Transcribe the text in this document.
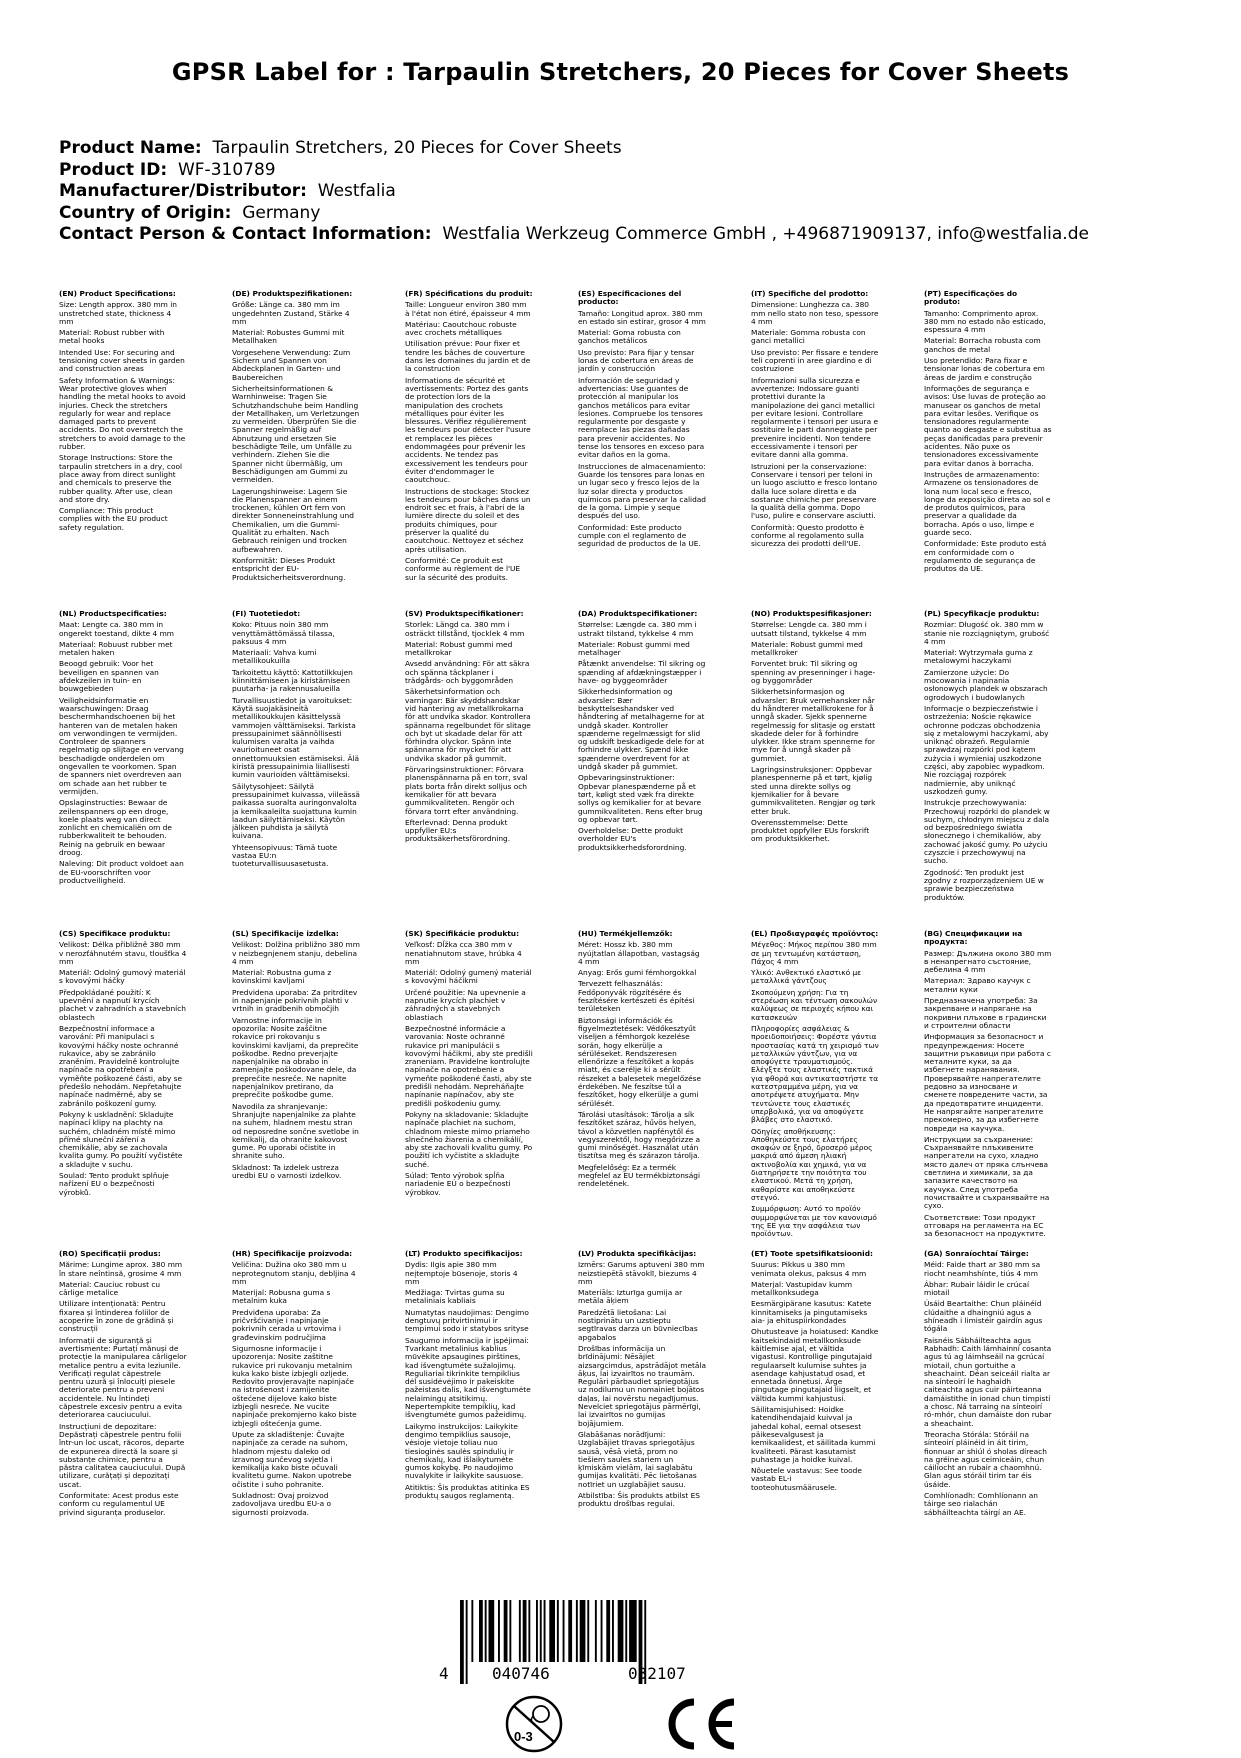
GPSR Label for : Tarpaulin Stretchers, 20 Pieces for Cover Sheets
Product Name: Tarpaulin Stretchers, 20 Pieces for Cover Sheets
Product ID: WF-310789
Manufacturer/Distributor: Westfalia
Country of Origin: Germany
Contact Person & Contact Information: Westfalia Werkzeug Commerce GmbH , +496871909137, info@westfalia.de

(EN) Product Specifications:

Size: Length approx. 380 mm in unstretched state, thickness 4 mm

Material: Robust rubber with metal hooks

Intended Use: For securing and tensioning cover sheets in garden and construction areas

Safety Information & Warnings: Wear protective gloves when handling the metal hooks to avoid injuries. Check the stretchers regularly for wear and replace damaged parts to prevent accidents. Do not overstretch the stretchers to avoid damage to the rubber.

Storage Instructions: Store the tarpaulin stretchers in a dry, cool place away from direct sunlight and chemicals to preserve the rubber quality. After use, clean and store dry.

Compliance: This product complies with the EU product safety regulation.

(DE) Produktspezifikationen:

Größe: Länge ca. 380 mm im ungedehnten Zustand, Stärke 4 mm

Material: Robustes Gummi mit Metallhaken

Vorgesehene Verwendung: Zum Sichern und Spannen von Abdeckplanen in Garten- und Baubereichen

Sicherheitsinformationen & Warnhinweise: Tragen Sie Schutzhandschuhe beim Handling der Metallhaken, um Verletzungen zu vermeiden. Überprüfen Sie die Spanner regelmäßig auf Abnutzung und ersetzen Sie beschädigte Teile, um Unfälle zu verhindern. Ziehen Sie die Spanner nicht übermäßig, um Beschädigungen am Gummi zu vermeiden.

Lagerungshinweise: Lagern Sie die Planenspanner an einem trockenen, kühlen Ort fern von direkter Sonneneinstrahlung und Chemikalien, um die Gummi-Qualität zu erhalten. Nach Gebrauch reinigen und trocken aufbewahren.

Konformität: Dieses Produkt entspricht der EU-Produktsicherheitsverordnung.

(FR) Spécifications du produit:

Taille: Longueur environ 380 mm à l'état non étiré, épaisseur 4 mm

Matériau: Caoutchouc robuste avec crochets métalliques

Utilisation prévue: Pour fixer et tendre les bâches de couverture dans les domaines du jardin et de la construction

Informations de sécurité et avertissements: Portez des gants de protection lors de la manipulation des crochets métalliques pour éviter les blessures. Vérifiez régulièrement les tendeurs pour détecter l'usure et remplacez les pièces endommagées pour prévenir les accidents. Ne tendez pas excessivement les tendeurs pour éviter d'endommager le caoutchouc.

Instructions de stockage: Stockez les tendeurs pour bâches dans un endroit sec et frais, à l'abri de la lumière directe du soleil et des produits chimiques, pour préserver la qualité du caoutchouc. Nettoyez et séchez après utilisation.

Conformité: Ce produit est conforme au règlement de l'UE sur la sécurité des produits.

(ES) Especificaciones del producto:

Tamaño: Longitud aprox. 380 mm en estado sin estirar, grosor 4 mm

Material: Goma robusta con ganchos metálicos

Uso previsto: Para fijar y tensar lonas de cobertura en áreas de jardín y construcción

Información de seguridad y advertencias: Use guantes de protección al manipular los ganchos metálicos para evitar lesiones. Compruebe los tensores regularmente por desgaste y reemplace las piezas dañadas para prevenir accidentes. No tense los tensores en exceso para evitar daños en la goma.

Instrucciones de almacenamiento: Guarde los tensores para lonas en un lugar seco y fresco lejos de la luz solar directa y productos químicos para preservar la calidad de la goma. Limpie y seque después del uso.

Conformidad: Este producto cumple con el reglamento de seguridad de productos de la UE.

(IT) Specifiche del prodotto:

Dimensione: Lunghezza ca. 380 mm nello stato non teso, spessore 4 mm

Materiale: Gomma robusta con ganci metallici

Uso previsto: Per fissare e tendere teli coprenti in aree giardino e di costruzione

Informazioni sulla sicurezza e avvertenze: Indossare guanti protettivi durante la manipolazione dei ganci metallici per evitare lesioni. Controllare regolarmente i tensori per usura e sostituire le parti danneggiate per prevenire incidenti. Non tendere eccessivamente i tensori per evitare danni alla gomma.

Istruzioni per la conservazione: Conservare i tensori per teloni in un luogo asciutto e fresco lontano dalla luce solare diretta e da sostanze chimiche per preservare la qualità della gomma. Dopo l'uso, pulire e conservare asciutti.

Conformità: Questo prodotto è conforme al regolamento sulla sicurezza dei prodotti dell'UE.

(PT) Especificações do produto:

Tamanho: Comprimento aprox. 380 mm no estado não esticado, espessura 4 mm

Material: Borracha robusta com ganchos de metal

Uso pretendido: Para fixar e tensionar lonas de cobertura em áreas de jardim e construção

Informações de segurança e avisos: Use luvas de proteção ao manusear os ganchos de metal para evitar lesões. Verifique os tensionadores regularmente quanto ao desgaste e substitua as peças danificadas para prevenir acidentes. Não puxe os tensionadores excessivamente para evitar danos à borracha.

Instruções de armazenamento: Armazene os tensionadores de lona num local seco e fresco, longe da exposição direta ao sol e de produtos químicos, para preservar a qualidade da borracha. Após o uso, limpe e guarde seco.

Conformidade: Este produto está em conformidade com o regulamento de segurança de produtos da UE.

(NL) Productspecificaties:

Maat: Lengte ca. 380 mm in ongerekt toestand, dikte 4 mm

Materiaal: Robuust rubber met metalen haken

Beoogd gebruik: Voor het beveiligen en spannen van afdekzeilen in tuin- en bouwgebieden

Veiligheidsinformatie en waarschuwingen: Draag beschermhandschoenen bij het hanteren van de metalen haken om verwondingen te vermijden. Controleer de spanners regelmatig op slijtage en vervang beschadigde onderdelen om ongevallen te voorkomen. Span de spanners niet overdreven aan om schade aan het rubber te vermijden.

Opslaginstructies: Bewaar de zeilenspanners op een droge, koele plaats weg van direct zonlicht en chemicaliën om de rubberkwaliteit te behouden. Reinig na gebruik en bewaar droog.

Naleving: Dit product voldoet aan de EU-voorschriften voor productveiligheid.

(FI) Tuotetiedot:

Koko: Pituus noin 380 mm venyttämättömässä tilassa, paksuus 4 mm

Materiaali: Vahva kumi metallikoukuilla

Tarkoitettu käyttö: Kattotilkkujen kiinnittämiseen ja kiristämiseen puutarha- ja rakennusalueilla

Turvallisuustiedot ja varoitukset: Käytä suojakäsineitä metallikoukkujen käsittelyssä vammojen välttämiseksi. Tarkista pressupainimet säännöllisesti kulumisen varalta ja vaihda vaurioituneet osat onnettomuuksien estämiseksi. Älä kiristä pressupainimia liiallisesti kumin vaurioiden välttämiseksi.

Säilytysohjeet: Säilytä pressupainimet kuivassa, viileässä paikassa suoralta auringonvalolta ja kemikaaleilta suojattuna kumin laadun säilyttämiseksi. Käytön jälkeen puhdista ja säilytä kuivana.

Yhteensopivuus: Tämä tuote vastaa EU:n tuoteturvallisuusasetusta.

(SV) Produktspecifikationer:

Storlek: Längd ca. 380 mm i osträckt tillstånd, tjocklek 4 mm

Material: Robust gummi med metallkrokar

Avsedd användning: För att säkra och spänna täckplaner i trädgårds- och byggområden

Säkerhetsinformation och varningar: Bär skyddshandskar vid hantering av metallkrokarna för att undvika skador. Kontrollera spännarna regelbundet för slitage och byt ut skadade delar för att förhindra olyckor. Spänn inte spännarna för mycket för att undvika skador på gummit.

Förvaringsinstruktioner: Förvara planenspännarna på en torr, sval plats borta från direkt solljus och kemikalier för att bevara gummikvaliteten. Rengör och förvara torrt efter användning.

Efterlevnad: Denna produkt uppfyller EU:s produktsäkerhetsförordning.

(DA) Produktspecifikationer:

Størrelse: Længde ca. 380 mm i ustrakt tilstand, tykkelse 4 mm

Materiale: Robust gummi med metalhager

Påtænkt anvendelse: Til sikring og spænding af afdækningstæpper i have- og byggeområder

Sikkerhedsinformation og advarsler: Bær beskyttelseshandsker ved håndtering af metalhagerne for at undgå skader. Kontroller spænderne regelmæssigt for slid og udskift beskadigede dele for at forhindre ulykker. Spænd ikke spænderne overdrevent for at undgå skader på gummiet.

Opbevaringsinstruktioner: Opbevar planespænderne på et tørt, køligt sted væk fra direkte sollys og kemikalier for at bevare gummikvaliteten. Rens efter brug og opbevar tørt.

Overholdelse: Dette produkt overholder EU's produktsikkerhedsforordning.

(NO) Produktspesifikasjoner:

Størrelse: Lengde ca. 380 mm i uutsatt tilstand, tykkelse 4 mm

Materiale: Robust gummi med metallkroker

Forventet bruk: Til sikring og spenning av presenninger i hage- og byggområder

Sikkerhetsinformasjon og advarsler: Bruk vernehansker når du håndterer metallkrokene for å unngå skader. Sjekk spennerne regelmessig for slitasje og erstatt skadede deler for å forhindre ulykker. Ikke stram spennerne for mye for å unngå skader på gummiet.

Lagringsinstruksjoner: Oppbevar planespennerne på et tørt, kjølig sted unna direkte sollys og kjemikalier for å bevare gummikvaliteten. Rengjør og tørk etter bruk.

Overensstemmelse: Dette produktet oppfyller EUs forskrift om produktsikkerhet.

(PL) Specyfikacje produktu:

Rozmiar: Długość ok. 380 mm w stanie nie rozciągniętym, grubość 4 mm

Materiał: Wytrzymała guma z metalowymi haczykami

Zamierzone użycie: Do mocowania i napinania osłonowych plandek w obszarach ogrodowych i budowlanych

Informacje o bezpieczeństwie i ostrzeżenia: Noście rękawice ochronne podczas obchodzenia się z metalowymi haczykami, aby uniknąć obrażeń. Regularnie sprawdzaj rozpórki pod kątem zużycia i wymieniaj uszkodzone części, aby zapobiec wypadkom. Nie rozciągaj rozpórek nadmiernie, aby uniknąć uszkodzeń gumy.

Instrukcje przechowywania: Przechowuj rozpórki do plandek w suchym, chłodnym miejscu z dala od bezpośredniego światła słonecznego i chemikaliów, aby zachować jakość gumy. Po użyciu czyszcie i przechowywuj na sucho.

Zgodność: Ten produkt jest zgodny z rozporządzeniem UE w sprawie bezpieczeństwa produktów.

(CS) Specifikace produktu:

Velikost: Délka přibližně 380 mm v nerozťáhnutém stavu, tloušťka 4 mm

Materiál: Odolný gumový materiál s kovovými háčky

Předpokládané použití: K upevnění a napnutí krycích plachet v zahradních a stavebních oblastech

Bezpečnostní informace a varování: Při manipulaci s kovovými háčky noste ochranné rukavice, aby se zabránilo zraněním. Pravidelně kontrolujte napínače na opotřebení a vyměňte poškozené části, aby se předešlo nehodám. Nepřetahujte napínače nadměrně, aby se zabránilo poškození gumy.

Pokyny k uskladnění: Skladujte napínací klipy na plachty na suchém, chladném místě mimo přímé sluneční záření a chemikálie, aby se zachovala kvalita gumy. Po použití vyčistěte a skladujte v suchu.

Soulad: Tento produkt splňuje nařízení EU o bezpečnosti výrobků.

(SL) Specifikacije izdelka:

Velikost: Dolžina približno 380 mm v neizbegnjenem stanju, debelina 4 mm

Material: Robustna guma z kovinskimi kavljami

Predvidena uporaba: Za pritrditev in napenjanje pokrivnih plahti v vrtnih in gradbenih območjih

Varnostne informacije in opozorila: Nosite zaščitne rokavice pri rokovanju s kovinskimi kavljami, da preprečite poškodbe. Redno preverjajte napenjalnike na obrabo in zamenjajte poškodovane dele, da preprečite nesreče. Ne napnite napenjalnikov pretirano, da preprečite poškodbe gume.

Navodila za shranjevanje: Shranjujte napenjalnike za plahte na suhem, hladnem mestu stran od neposredne sončne svetlobe in kemikalij, da ohranite kakovost gume. Po uporabi očistite in shranite suho.

Skladnost: Ta izdelek ustreza uredbi EU o varnosti izdelkov.

(SK) Špecifikácie produktu:

Veľkosť: Dĺžka cca 380 mm v nenatiahnutom stave, hrúbka 4 mm

Materiál: Odolný gumený materiál s kovovými háčikmi

Určené použitie: Na upevnenie a napnutie krycích plachiet v záhradných a stavebných oblastiach

Bezpečnostné informácie a varovania: Noste ochranné rukavice pri manipulácii s kovovými háčikmi, aby ste predišli zraneniam. Pravidelne kontrolujte napínače na opotrebenie a vymeňte poškodené časti, aby ste predišli nehodám. Nepreháňajte napínanie napínačov, aby ste predišli poškodeniu gumy.

Pokyny na skladovanie: Skladujte napínače plachiet na suchom, chladnom mieste mimo priameho slnečného žiarenia a chemikálií, aby ste zachovali kvalitu gumy. Po použití ich vyčistite a skladujte suché.

Súlad: Tento výrobok spĺňa nariadenie EÚ o bezpečnosti výrobkov.

(HU) Termékjellemzők:

Méret: Hossz kb. 380 mm nyújtatlan állapotban, vastagság 4 mm

Anyag: Erős gumi fémhorgokkal

Tervezett felhasználás: Fedőponyvák rögzítésére és feszítésére kertészeti és építési területeken

Biztonsági információk és figyelmeztetések: Védőkesztyűt viseljen a fémhorgok kezelése során, hogy elkerülje a sérüléseket. Rendszeresen ellenőrizze a feszítőket a kopás miatt, és cserélje ki a sérült részeket a balesetek megelőzése érdekében. Ne feszítse túl a feszítőket, hogy elkerülje a gumi sérülését.

Tárolási utasítások: Tárolja a sík feszítőket száraz, hűvös helyen, távol a közvetlen napfénytől és vegyszerektől, hogy megőrizze a gumi minőségét. Használat után tisztítsa meg és szárazon tárolja.

Megfelelőség: Ez a termék megfelel az EU termékbiztonsági rendeletének.

(EL) Προδιαγραφές προϊόντος:

Μέγεθος: Μήκος περίπου 380 mm σε μη τεντωμένη κατάσταση, Πάχος 4 mm

Υλικό: Ανθεκτικό ελαστικό με μεταλλικά γάντζους

Σκοπούμενη χρήση: Για τη στερέωση και τέντωση σακουλών καλύψεως σε περιοχές κήπου και κατασκευών

Πληροφορίες ασφάλειας & προειδοποιήσεις: Φορέστε γάντια προστασίας κατά τη χειρισμό των μεταλλικών γάντζων, για να αποφύγετε τραυματισμούς. Ελέγξτε τους ελαστικές τακτικά για φθορά και αντικαταστήστε τα κατεστραμμένα μέρη, για να αποτρέψετε ατυχήματα. Μην τεντώνετε τους ελαστικές υπερβολικά, για να αποφύγετε βλάβες στο ελαστικό.

Οδηγίες αποθήκευσης: Αποθηκεύστε τους ελατήρες σκαφών σε ξηρό, δροσερό μέρος μακριά από άμεση ηλιακή ακτινοβολία και χημικά, για να διατηρήσετε την ποιότητα του ελαστικού. Μετά τη χρήση, καθαρίστε και αποθηκεύστε στεγνό.

Συμμόρφωση: Αυτό το προϊόν συμμορφώνεται με τον κανονισμό της ΕΕ για την ασφάλεια των προϊόντων.

(BG) Спецификации на продукта:

Размер: Дължина около 380 mm в ненапрегнато състояние, дебелина 4 mm

Материал: Здраво каучук с метални куки

Предназначена употреба: За закрепване и напрягане на покривни плъхове в градински и строителни области

Информация за безопасност и предупреждения: Носете защитни ръкавици при работа с металните куки, за да избегнете наранявания. Проверявайте напрегателите редовно за износване и сменете повредените части, за да предотвратите инциденти. Не напрягайте напрегателите прекомерно, за да избегнете повреди на каучука.

Инструкции за съхранение: Съхранявайте плъхивените напрегатели на сухо, хладно място далеч от пряка слънчева светлина и химикали, за да запазите качеството на каучука. След употреба почиствайте и съхранявайте на сухо.

Съответствие: Този продукт отговаря на регламента на ЕС за безопасност на продуктите.

(RO) Specificații produs:

Mărime: Lungime aprox. 380 mm în stare neîntinsă, grosime 4 mm

Material: Cauciuc robust cu cârlige metalice

Utilizare intenționată: Pentru fixarea și întinderea foliilor de acoperire în zone de grădină și construcții

Informații de siguranță și avertismente: Purtați mănuși de protecție la manipularea cârligelor metalice pentru a evita leziunile. Verificați regulat căpestrele pentru uzură și înlocuiți piesele deteriorate pentru a preveni accidentele. Nu întindeți căpestrele excesiv pentru a evita deteriorarea cauciucului.

Instrucțiuni de depozitare: Depăstrați căpestrele pentru folii într-un loc uscat, răcoros, departe de expunerea directă la soare și substanțe chimice, pentru a păstra calitatea cauciucului. După utilizare, curățați și depozitați uscat.

Conformitate: Acest produs este conform cu regulamentul UE privind siguranța produselor.

(HR) Specifikacije proizvoda:

Veličina: Dužina oko 380 mm u neprotegnutom stanju, debljina 4 mm

Materijal: Robusna guma s metalnim kuka

Predviđena uporaba: Za pričvršćivanje i napinjanje pokrivnih cerada u vrtovima i građevinskim područjima

Sigurnosne informacije i upozorenja: Nosite zaštitne rukavice pri rukovanju metalnim kuka kako biste izbjegli ozljede. Redovito provjeravajte napinjače na istrošenost i zamijenite oštećene dijelove kako biste izbjegli nesreće. Ne vucite napinjače prekomjerno kako biste izbjegli oštećenja gume.

Upute za skladištenje: Čuvajte napinjače za cerade na suhom, hladnom mjestu daleko od izravnog sunčevog svjetla i kemikalija kako biste očuvali kvalitetu gume. Nakon upotrebe očistite i suho pohranite.

Sukladnost: Ovaj proizvod zadovoljava uredbu EU-a o sigurnosti proizvoda.

(LT) Produkto specifikacijos:

Dydis: Ilgis apie 380 mm neįtemptoje būsenoje, storis 4 mm

Medžiaga: Tvirtas guma su metaliniais kabliais

Numatytas naudojimas: Dengimo dengtuvų pritvirtinimui ir tempimui sodo ir statybos srityse

Saugumo informacija ir įspėjimai: Tvarkant metalinius kablius mūvėkite apsaugines pirštines, kad išvengtumėte sužalojimų. Reguliariai tikrinkite tempiklius dėl susidėvėjimo ir pakeiskite pažeistas dalis, kad išvengtumėte nelaimingų atsitikimų. Nepertempkite tempiklių, kad išvengtumėte gumos pažeidimų.

Laikymo instrukcijos: Laikykite dengimo tempiklius sausoje, vėsioje vietoje toliau nuo tiesioginės saulės spindulių ir chemikalų, kad išlaikytumėte gumos kokybę. Po naudojimo nuvalykite ir laikykite sausuose.

Atitiktis: Šis produktas atitinka ES produktų saugos reglamentą.

(LV) Produkta specifikācijas:

Izmērs: Garums aptuveni 380 mm neizstiepētā stāvoklī, biezums 4 mm

Materiāls: Izturīga gumija ar metāla āķiem

Paredzētā lietošana: Lai nostiprinātu un uzstieptu segtīravas darza un būvniecības apgabalos

Drošības informācija un brīdinājumi: Nēsājiet aizsargcimdus, apstrādājot metāla āķus, lai izvairītos no traumām. Regulāri pārbaudiet spriegotājus uz nodilumu un nomainiet bojātos daļas, lai novērstu negadījumus. Nevelciet spriegotājus pārmērīgi, lai izvairītos no gumijas bojājumiem.

Glabāšanas norādījumi: Uzglabājiet tīravas spriegotājus sausā, vēsā vietā, prom no tiešiem saules stariem un ķīmiskām vielām, lai saglabātu gumijas kvalitāti. Pēc lietošanas notīriet un uzglabājiet sausu.

Atbilstība: Šis produkts atbilst ES produktu drošības regulai.

(ET) Toote spetsifikatsioonid:

Suurus: Pikkus u 380 mm venimata olekus, paksus 4 mm

Materjal: Vastupidav kumm metallkonksudega

Eesmärgipärane kasutus: Katete kinnitamiseks ja pingutamiseks aia- ja ehituspiirkondades

Ohutusteave ja hoiatused: Kandke kaitsekindaid metallkonksude käitlemise ajal, et vältida vigastusi. Kontrollige pingutajaid regulaarselt kulumise suhtes ja asendage kahjustatud osad, et ennetada õnnetusi. Ärge pingutage pingutajaid liigselt, et vältida kummi kahjustusi.

Säilitamisjuhised: Hoidke katendihendajaid kuivval ja jahedal kohal, eemal otsesest päikesevalgusest ja kemikaalidest, et säilitada kummi kvaliteeti. Pärast kasutamist puhastage ja hoidke kuival.

Nõuetele vastavus: See toode vastab EL-i tooteohutusmäärusele.

(GA) Sonraíochtaí Táirge:

Méid: Faide thart ar 380 mm sa riocht neamhshínte, tiús 4 mm

Ábhar: Rubair láidir le crúcaí miotail

Úsáid Beartaithe: Chun pláinéid clúdaithe a dhaingniú agus a shíneadh i limistéir gairdín agus tógála

Faisnéis Sábháilteachta agus Rabhadh: Caith lámhainní cosanta agus tú ag láimhseáil na gcrúcaí miotail, chun gortuithe a sheachaint. Déan seiceáil rialta ar na sínteoirí le haghaidh caiteachta agus cuir páirteanna damáistithe in ionad chun timpistí a chosc. Ná tarraing na sínteoirí ró-mhór, chun damáiste don rubar a sheachaint.

Treoracha Stórála: Stóráil na sínteoirí pláinéid in áit tirim, fionnuar ar shiúl ó sholas díreach na gréine agus ceimiceáin, chun cáilíocht an rubair a chaomhnú. Glan agus stóráil tirim tar éis úsáide.

Comhlíonadh: Comhlíonann an táirge seo rialachán sábháilteachta táirgí an AE.

4	040746	032107
0-3
